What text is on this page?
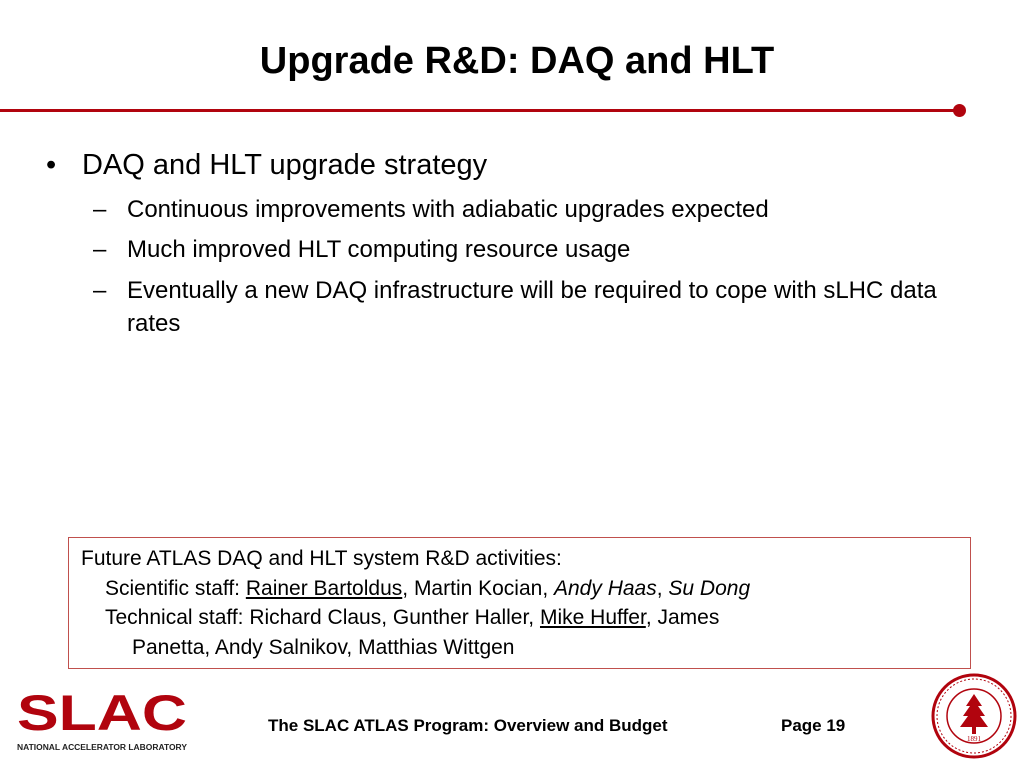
Upgrade R&D: DAQ and HLT
• DAQ and HLT upgrade strategy
– Continuous improvements with adiabatic upgrades expected
– Much improved HLT computing resource usage
– Eventually a new DAQ infrastructure will be required to cope with sLHC data rates
Future ATLAS DAQ and HLT system R&D activities:
Scientific staff: Rainer Bartoldus, Martin Kocian, Andy Haas, Su Dong
Technical staff: Richard Claus, Gunther Haller, Mike Huffer, James
Panetta, Andy Salnikov, Matthias Wittgen
SLAC
NATIONAL ACCELERATOR LABORATORY
The SLAC ATLAS Program: Overview and Budget	Page 19
1891
